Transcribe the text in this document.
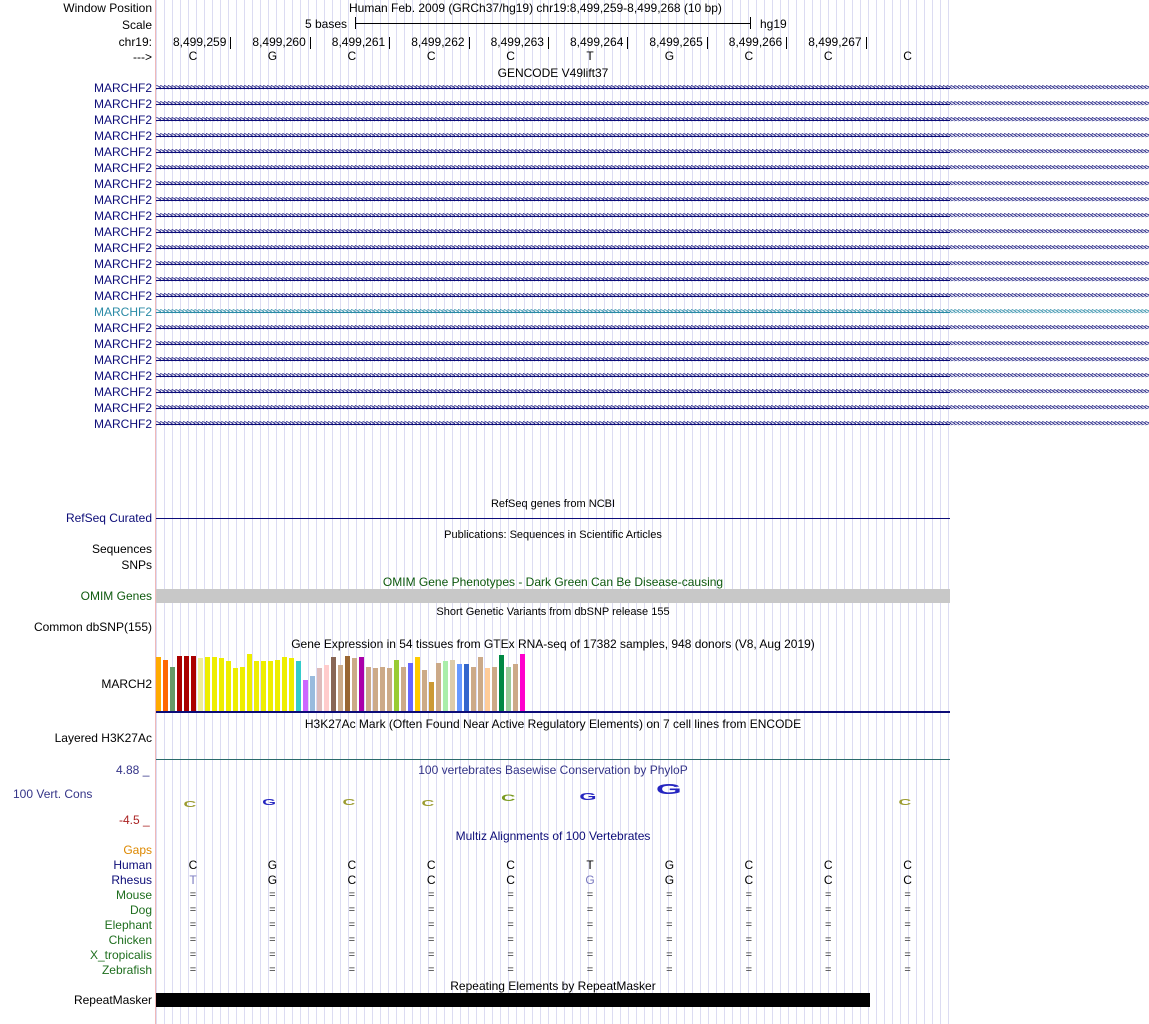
Window Position	Human Feb. 2009 (GRCh37/hg19) chr19:8,499,259-8,499,268 (10 bp)
Scale	5 bases	hg19
chr19: 8,499,259	8,499,260	8,499,261	8,499,262	8,499,263	8,499,264	8,499,265	8,499,266	8,499,267
--->	C	G	C	C	C	T	G	C	C	C
GENCODE V49lift37
MARCHF2 >>>>>>>>>>>>>>>>>>>>>>>>>>>>>>>>>>>>>>>>>>>>>>>>>>>>>>>>>>>>>>>>>>>>>>>>>>>>>>>>>>>>>>>>>>>>>>>>>>>>>>>>>>>>>>>>>>>>>>>>>>>>>>>>>>>>>>>>>>>>>>>>>>>>>>>>>>>>>>>>>>>>>>>>>>>>>>>>>>>>>>>>>>>>>>>>>>>>>>>>>>>>>>>>>>>>>>>>>>>>>>>>>>>>>>>>>>>>>>>>>>>>>>>>>>>>>>>>>>>>
MARCHF2 >>>>>>>>>>>>>>>>>>>>>>>>>>>>>>>>>>>>>>>>>>>>>>>>>>>>>>>>>>>>>>>>>>>>>>>>>>>>>>>>>>>>>>>>>>>>>>>>>>>>>>>>>>>>>>>>>>>>>>>>>>>>>>>>>>>>>>>>>>>>>>>>>>>>>>>>>>>>>>>>>>>>>>>>>>>>>>>>>>>>>>>>>>>>>>>>>>>>>>>>>>>>>>>>>>>>>>>>>>>>>>>>>>>>>>>>>>>>>>>>>>>>>>>>>>>>>>>>>>>>
MARCHF2 >>>>>>>>>>>>>>>>>>>>>>>>>>>>>>>>>>>>>>>>>>>>>>>>>>>>>>>>>>>>>>>>>>>>>>>>>>>>>>>>>>>>>>>>>>>>>>>>>>>>>>>>>>>>>>>>>>>>>>>>>>>>>>>>>>>>>>>>>>>>>>>>>>>>>>>>>>>>>>>>>>>>>>>>>>>>>>>>>>>>>>>>>>>>>>>>>>>>>>>>>>>>>>>>>>>>>>>>>>>>>>>>>>>>>>>>>>>>>>>>>>>>>>>>>>>>>>>>>>>>
MARCHF2 >>>>>>>>>>>>>>>>>>>>>>>>>>>>>>>>>>>>>>>>>>>>>>>>>>>>>>>>>>>>>>>>>>>>>>>>>>>>>>>>>>>>>>>>>>>>>>>>>>>>>>>>>>>>>>>>>>>>>>>>>>>>>>>>>>>>>>>>>>>>>>>>>>>>>>>>>>>>>>>>>>>>>>>>>>>>>>>>>>>>>>>>>>>>>>>>>>>>>>>>>>>>>>>>>>>>>>>>>>>>>>>>>>>>>>>>>>>>>>>>>>>>>>>>>>>>>>>>>>>>
MARCHF2 >>>>>>>>>>>>>>>>>>>>>>>>>>>>>>>>>>>>>>>>>>>>>>>>>>>>>>>>>>>>>>>>>>>>>>>>>>>>>>>>>>>>>>>>>>>>>>>>>>>>>>>>>>>>>>>>>>>>>>>>>>>>>>>>>>>>>>>>>>>>>>>>>>>>>>>>>>>>>>>>>>>>>>>>>>>>>>>>>>>>>>>>>>>>>>>>>>>>>>>>>>>>>>>>>>>>>>>>>>>>>>>>>>>>>>>>>>>>>>>>>>>>>>>>>>>>>>>>>>>>
MARCHF2 >>>>>>>>>>>>>>>>>>>>>>>>>>>>>>>>>>>>>>>>>>>>>>>>>>>>>>>>>>>>>>>>>>>>>>>>>>>>>>>>>>>>>>>>>>>>>>>>>>>>>>>>>>>>>>>>>>>>>>>>>>>>>>>>>>>>>>>>>>>>>>>>>>>>>>>>>>>>>>>>>>>>>>>>>>>>>>>>>>>>>>>>>>>>>>>>>>>>>>>>>>>>>>>>>>>>>>>>>>>>>>>>>>>>>>>>>>>>>>>>>>>>>>>>>>>>>>>>>>>>
MARCHF2 >>>>>>>>>>>>>>>>>>>>>>>>>>>>>>>>>>>>>>>>>>>>>>>>>>>>>>>>>>>>>>>>>>>>>>>>>>>>>>>>>>>>>>>>>>>>>>>>>>>>>>>>>>>>>>>>>>>>>>>>>>>>>>>>>>>>>>>>>>>>>>>>>>>>>>>>>>>>>>>>>>>>>>>>>>>>>>>>>>>>>>>>>>>>>>>>>>>>>>>>>>>>>>>>>>>>>>>>>>>>>>>>>>>>>>>>>>>>>>>>>>>>>>>>>>>>>>>>>>>>
MARCHF2 >>>>>>>>>>>>>>>>>>>>>>>>>>>>>>>>>>>>>>>>>>>>>>>>>>>>>>>>>>>>>>>>>>>>>>>>>>>>>>>>>>>>>>>>>>>>>>>>>>>>>>>>>>>>>>>>>>>>>>>>>>>>>>>>>>>>>>>>>>>>>>>>>>>>>>>>>>>>>>>>>>>>>>>>>>>>>>>>>>>>>>>>>>>>>>>>>>>>>>>>>>>>>>>>>>>>>>>>>>>>>>>>>>>>>>>>>>>>>>>>>>>>>>>>>>>>>>>>>>>>
MARCHF2 >>>>>>>>>>>>>>>>>>>>>>>>>>>>>>>>>>>>>>>>>>>>>>>>>>>>>>>>>>>>>>>>>>>>>>>>>>>>>>>>>>>>>>>>>>>>>>>>>>>>>>>>>>>>>>>>>>>>>>>>>>>>>>>>>>>>>>>>>>>>>>>>>>>>>>>>>>>>>>>>>>>>>>>>>>>>>>>>>>>>>>>>>>>>>>>>>>>>>>>>>>>>>>>>>>>>>>>>>>>>>>>>>>>>>>>>>>>>>>>>>>>>>>>>>>>>>>>>>>>>
MARCHF2 >>>>>>>>>>>>>>>>>>>>>>>>>>>>>>>>>>>>>>>>>>>>>>>>>>>>>>>>>>>>>>>>>>>>>>>>>>>>>>>>>>>>>>>>>>>>>>>>>>>>>>>>>>>>>>>>>>>>>>>>>>>>>>>>>>>>>>>>>>>>>>>>>>>>>>>>>>>>>>>>>>>>>>>>>>>>>>>>>>>>>>>>>>>>>>>>>>>>>>>>>>>>>>>>>>>>>>>>>>>>>>>>>>>>>>>>>>>>>>>>>>>>>>>>>>>>>>>>>>>>
MARCHF2 >>>>>>>>>>>>>>>>>>>>>>>>>>>>>>>>>>>>>>>>>>>>>>>>>>>>>>>>>>>>>>>>>>>>>>>>>>>>>>>>>>>>>>>>>>>>>>>>>>>>>>>>>>>>>>>>>>>>>>>>>>>>>>>>>>>>>>>>>>>>>>>>>>>>>>>>>>>>>>>>>>>>>>>>>>>>>>>>>>>>>>>>>>>>>>>>>>>>>>>>>>>>>>>>>>>>>>>>>>>>>>>>>>>>>>>>>>>>>>>>>>>>>>>>>>>>>>>>>>>>
MARCHF2 >>>>>>>>>>>>>>>>>>>>>>>>>>>>>>>>>>>>>>>>>>>>>>>>>>>>>>>>>>>>>>>>>>>>>>>>>>>>>>>>>>>>>>>>>>>>>>>>>>>>>>>>>>>>>>>>>>>>>>>>>>>>>>>>>>>>>>>>>>>>>>>>>>>>>>>>>>>>>>>>>>>>>>>>>>>>>>>>>>>>>>>>>>>>>>>>>>>>>>>>>>>>>>>>>>>>>>>>>>>>>>>>>>>>>>>>>>>>>>>>>>>>>>>>>>>>>>>>>>>>
MARCHF2 >>>>>>>>>>>>>>>>>>>>>>>>>>>>>>>>>>>>>>>>>>>>>>>>>>>>>>>>>>>>>>>>>>>>>>>>>>>>>>>>>>>>>>>>>>>>>>>>>>>>>>>>>>>>>>>>>>>>>>>>>>>>>>>>>>>>>>>>>>>>>>>>>>>>>>>>>>>>>>>>>>>>>>>>>>>>>>>>>>>>>>>>>>>>>>>>>>>>>>>>>>>>>>>>>>>>>>>>>>>>>>>>>>>>>>>>>>>>>>>>>>>>>>>>>>>>>>>>>>>>
MARCHF2 >>>>>>>>>>>>>>>>>>>>>>>>>>>>>>>>>>>>>>>>>>>>>>>>>>>>>>>>>>>>>>>>>>>>>>>>>>>>>>>>>>>>>>>>>>>>>>>>>>>>>>>>>>>>>>>>>>>>>>>>>>>>>>>>>>>>>>>>>>>>>>>>>>>>>>>>>>>>>>>>>>>>>>>>>>>>>>>>>>>>>>>>>>>>>>>>>>>>>>>>>>>>>>>>>>>>>>>>>>>>>>>>>>>>>>>>>>>>>>>>>>>>>>>>>>>>>>>>>>>>
MARCHF2 >>>>>>>>>>>>>>>>>>>>>>>>>>>>>>>>>>>>>>>>>>>>>>>>>>>>>>>>>>>>>>>>>>>>>>>>>>>>>>>>>>>>>>>>>>>>>>>>>>>>>>>>>>>>>>>>>>>>>>>>>>>>>>>>>>>>>>>>>>>>>>>>>>>>>>>>>>>>>>>>>>>>>>>>>>>>>>>>>>>>>>>>>>>>>>>>>>>>>>>>>>>>>>>>>>>>>>>>>>>>>>>>>>>>>>>>>>>>>>>>>>>>>>>>>>>>>>>>>>>>
MARCHF2 >>>>>>>>>>>>>>>>>>>>>>>>>>>>>>>>>>>>>>>>>>>>>>>>>>>>>>>>>>>>>>>>>>>>>>>>>>>>>>>>>>>>>>>>>>>>>>>>>>>>>>>>>>>>>>>>>>>>>>>>>>>>>>>>>>>>>>>>>>>>>>>>>>>>>>>>>>>>>>>>>>>>>>>>>>>>>>>>>>>>>>>>>>>>>>>>>>>>>>>>>>>>>>>>>>>>>>>>>>>>>>>>>>>>>>>>>>>>>>>>>>>>>>>>>>>>>>>>>>>>
MARCHF2 >>>>>>>>>>>>>>>>>>>>>>>>>>>>>>>>>>>>>>>>>>>>>>>>>>>>>>>>>>>>>>>>>>>>>>>>>>>>>>>>>>>>>>>>>>>>>>>>>>>>>>>>>>>>>>>>>>>>>>>>>>>>>>>>>>>>>>>>>>>>>>>>>>>>>>>>>>>>>>>>>>>>>>>>>>>>>>>>>>>>>>>>>>>>>>>>>>>>>>>>>>>>>>>>>>>>>>>>>>>>>>>>>>>>>>>>>>>>>>>>>>>>>>>>>>>>>>>>>>>>
MARCHF2 >>>>>>>>>>>>>>>>>>>>>>>>>>>>>>>>>>>>>>>>>>>>>>>>>>>>>>>>>>>>>>>>>>>>>>>>>>>>>>>>>>>>>>>>>>>>>>>>>>>>>>>>>>>>>>>>>>>>>>>>>>>>>>>>>>>>>>>>>>>>>>>>>>>>>>>>>>>>>>>>>>>>>>>>>>>>>>>>>>>>>>>>>>>>>>>>>>>>>>>>>>>>>>>>>>>>>>>>>>>>>>>>>>>>>>>>>>>>>>>>>>>>>>>>>>>>>>>>>>>>
MARCHF2 >>>>>>>>>>>>>>>>>>>>>>>>>>>>>>>>>>>>>>>>>>>>>>>>>>>>>>>>>>>>>>>>>>>>>>>>>>>>>>>>>>>>>>>>>>>>>>>>>>>>>>>>>>>>>>>>>>>>>>>>>>>>>>>>>>>>>>>>>>>>>>>>>>>>>>>>>>>>>>>>>>>>>>>>>>>>>>>>>>>>>>>>>>>>>>>>>>>>>>>>>>>>>>>>>>>>>>>>>>>>>>>>>>>>>>>>>>>>>>>>>>>>>>>>>>>>>>>>>>>>
MARCHF2 >>>>>>>>>>>>>>>>>>>>>>>>>>>>>>>>>>>>>>>>>>>>>>>>>>>>>>>>>>>>>>>>>>>>>>>>>>>>>>>>>>>>>>>>>>>>>>>>>>>>>>>>>>>>>>>>>>>>>>>>>>>>>>>>>>>>>>>>>>>>>>>>>>>>>>>>>>>>>>>>>>>>>>>>>>>>>>>>>>>>>>>>>>>>>>>>>>>>>>>>>>>>>>>>>>>>>>>>>>>>>>>>>>>>>>>>>>>>>>>>>>>>>>>>>>>>>>>>>>>>
MARCHF2 >>>>>>>>>>>>>>>>>>>>>>>>>>>>>>>>>>>>>>>>>>>>>>>>>>>>>>>>>>>>>>>>>>>>>>>>>>>>>>>>>>>>>>>>>>>>>>>>>>>>>>>>>>>>>>>>>>>>>>>>>>>>>>>>>>>>>>>>>>>>>>>>>>>>>>>>>>>>>>>>>>>>>>>>>>>>>>>>>>>>>>>>>>>>>>>>>>>>>>>>>>>>>>>>>>>>>>>>>>>>>>>>>>>>>>>>>>>>>>>>>>>>>>>>>>>>>>>>>>>>
MARCHF2 >>>>>>>>>>>>>>>>>>>>>>>>>>>>>>>>>>>>>>>>>>>>>>>>>>>>>>>>>>>>>>>>>>>>>>>>>>>>>>>>>>>>>>>>>>>>>>>>>>>>>>>>>>>>>>>>>>>>>>>>>>>>>>>>>>>>>>>>>>>>>>>>>>>>>>>>>>>>>>>>>>>>>>>>>>>>>>>>>>>>>>>>>>>>>>>>>>>>>>>>>>>>>>>>>>>>>>>>>>>>>>>>>>>>>>>>>>>>>>>>>>>>>>>>>>>>>>>>>>>>
RefSeq genes from NCBI
RefSeq Curated
Publications: Sequences in Scientific Articles
Sequences
SNPs
OMIM Gene Phenotypes - Dark Green Can Be Disease-causing
OMIM Genes
Short Genetic Variants from dbSNP release 155
Common dbSNP(155)
Gene Expression in 54 tissues from GTEx RNA-seq of 17382 samples, 948 donors (V8, Aug 2019)
MARCH2
H3K27Ac Mark (Often Found Near Active Regulatory Elements) on 7 cell lines from ENCODE
Layered H3K27Ac
100 vertebrates Basewise Conservation by PhyloP
4.88 _
100 Vert. Cons
-4.5 _
C	G	C	C
C	G	G
C
Multiz Alignments of 100 Vertebrates
Gaps
Human	C	G	C	C	C	T	G	C	C	C
Rhesus	T	G	C	C	C	G	G	C	C	C
Mouse	=	=	=	=	=	=	=	=	=	=
Dog	=	=	=	=	=	=	=	=	=	=
Elephant	=	=	=	=	=	=	=	=	=	=
Chicken	=	=	=	=	=	=	=	=	=	=
X_tropicalis	=	=	=	=	=	=	=	=	=	=
Zebrafish	=	=	=	=	=	=	=	=	=	=
Repeating Elements by RepeatMasker
RepeatMasker
